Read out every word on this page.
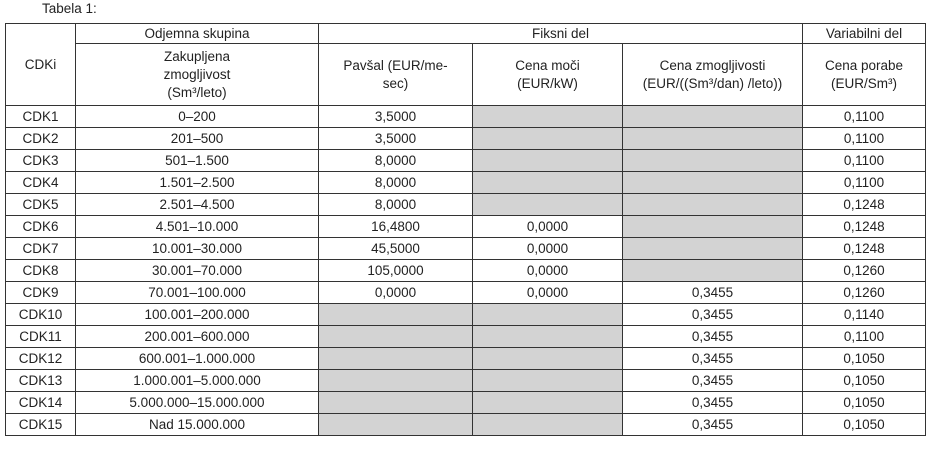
Tabela 1:
CDKi	Odjemna skupina	Fiksni del			Variabilni del
	Zakupljena zmogljivost (Sm³/leto)	Pavšal (EUR/me-sec)	Cena moči (EUR/kW)	Cena zmogljivosti (EUR/((Sm³/dan) /leto))	Cena porabe (EUR/Sm³)
CDK1	0–200	3,5000			0,1100
CDK2	201–500	3,5000			0,1100
CDK3	501–1.500	8,0000			0,1100
CDK4	1.501–2.500	8,0000			0,1100
CDK5	2.501–4.500	8,0000			0,1248
CDK6	4.501–10.000	16,4800	0,0000		0,1248
CDK7	10.001–30.000	45,5000	0,0000		0,1248
CDK8	30.001–70.000	105,0000	0,0000		0,1260
CDK9	70.001–100.000	0,0000	0,0000	0,3455	0,1260
CDK10	100.001–200.000			0,3455	0,1140
CDK11	200.001–600.000			0,3455	0,1100
CDK12	600.001–1.000.000			0,3455	0,1050
CDK13	1.000.001–5.000.000			0,3455	0,1050
CDK14	5.000.000–15.000.000			0,3455	0,1050
CDK15	Nad 15.000.000			0,3455	0,1050
